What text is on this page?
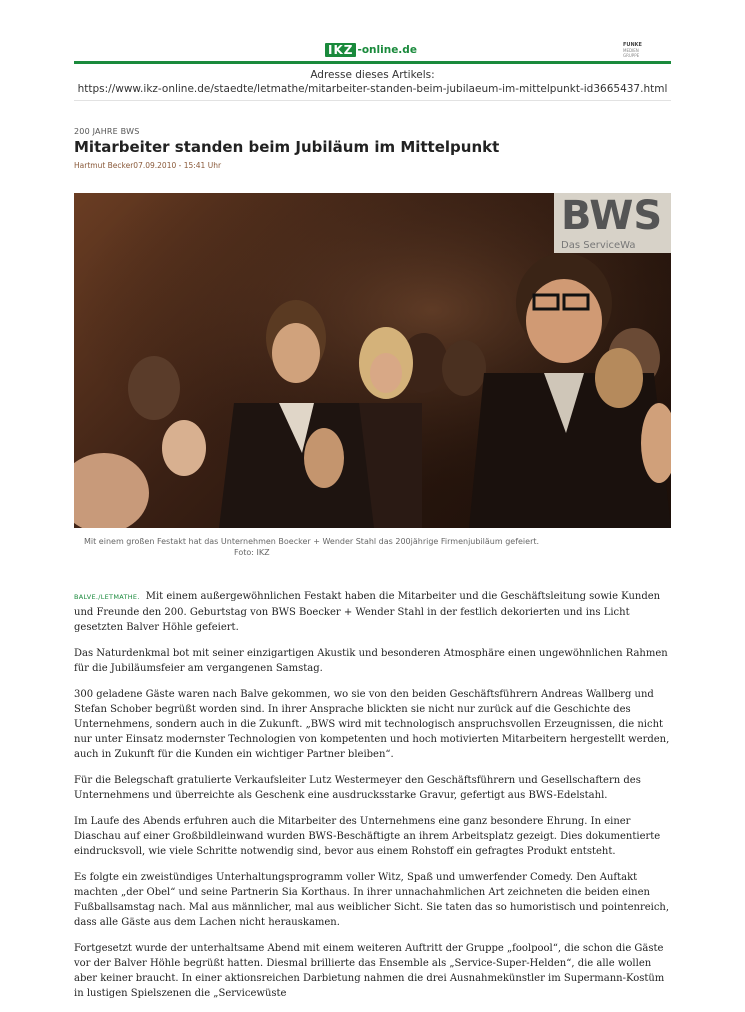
IKZ -online.de	FUNKE
MEDIEN GRUPPE
Adresse dieses Artikels:
https://www.ikz-online.de/staedte/letmathe/mitarbeiter-standen-beim-jubilaeum-im-mittelpunkt-id3665437.html
200 JAHRE BWS
Mitarbeiter standen beim Jubiläum im Mittelpunkt
Hartmut Becker07.09.2010 - 15:41 Uhr
BWS
Das ServiceWa
Mit einem großen Festakt hat das Unternehmen Boecker + Wender Stahl das 200jährige Firmenjubiläum gefeiert.
Foto: IKZ

BALVE./LETMATHE. Mit einem außergewöhnlichen Festakt haben die Mitarbeiter und die Geschäftsleitung sowie Kunden und Freunde den 200. Geburtstag von BWS Boecker + Wender Stahl in der festlich dekorierten und ins Licht gesetzten Balver Höhle gefeiert.

Das Naturdenkmal bot mit seiner einzigartigen Akustik und besonderen Atmosphäre einen ungewöhnlichen Rahmen für die Jubiläumsfeier am vergangenen Samstag.

300 geladene Gäste waren nach Balve gekommen, wo sie von den beiden Geschäftsführern Andreas Wallberg und Stefan Schober begrüßt worden sind. In ihrer Ansprache blickten sie nicht nur zurück auf die Geschichte des Unternehmens, sondern auch in die Zukunft. „BWS wird mit technologisch anspruchsvollen Erzeugnissen, die nicht nur unter Einsatz modernster Technologien von kompetenten und hoch motivierten Mitarbeitern hergestellt werden, auch in Zukunft für die Kunden ein wichtiger Partner bleiben“.

Für die Belegschaft gratulierte Verkaufsleiter Lutz Westermeyer den Geschäftsführern und Gesellschaftern des Unternehmens und überreichte als Geschenk eine ausdrucksstarke Gravur, gefertigt aus BWS-Edelstahl.

Im Laufe des Abends erfuhren auch die Mitarbeiter des Unternehmens eine ganz besondere Ehrung. In einer Diaschau auf einer Großbildleinwand wurden BWS-Beschäftigte an ihrem Arbeitsplatz gezeigt. Dies dokumentierte eindrucksvoll, wie viele Schritte notwendig sind, bevor aus einem Rohstoff ein gefragtes Produkt entsteht.

Es folgte ein zweistündiges Unterhaltungsprogramm voller Witz, Spaß und umwerfender Comedy. Den Auftakt machten „der Obel“ und seine Partnerin Sia Korthaus. In ihrer unnachahmlichen Art zeichneten die beiden einen Fußballsamstag nach. Mal aus männlicher, mal aus weiblicher Sicht. Sie taten das so humoristisch und pointenreich, dass alle Gäste aus dem Lachen nicht herauskamen.

Fortgesetzt wurde der unterhaltsame Abend mit einem weiteren Auftritt der Gruppe „foolpool“, die schon die Gäste vor der Balver Höhle begrüßt hatten. Diesmal brillierte das Ensemble als „Service-Super-Helden“, die alle wollen aber keiner braucht. In einer aktionsreichen Darbietung nahmen die drei Ausnahmekünstler im Supermann-Kostüm in lustigen Spielszenen die „Servicewüste
